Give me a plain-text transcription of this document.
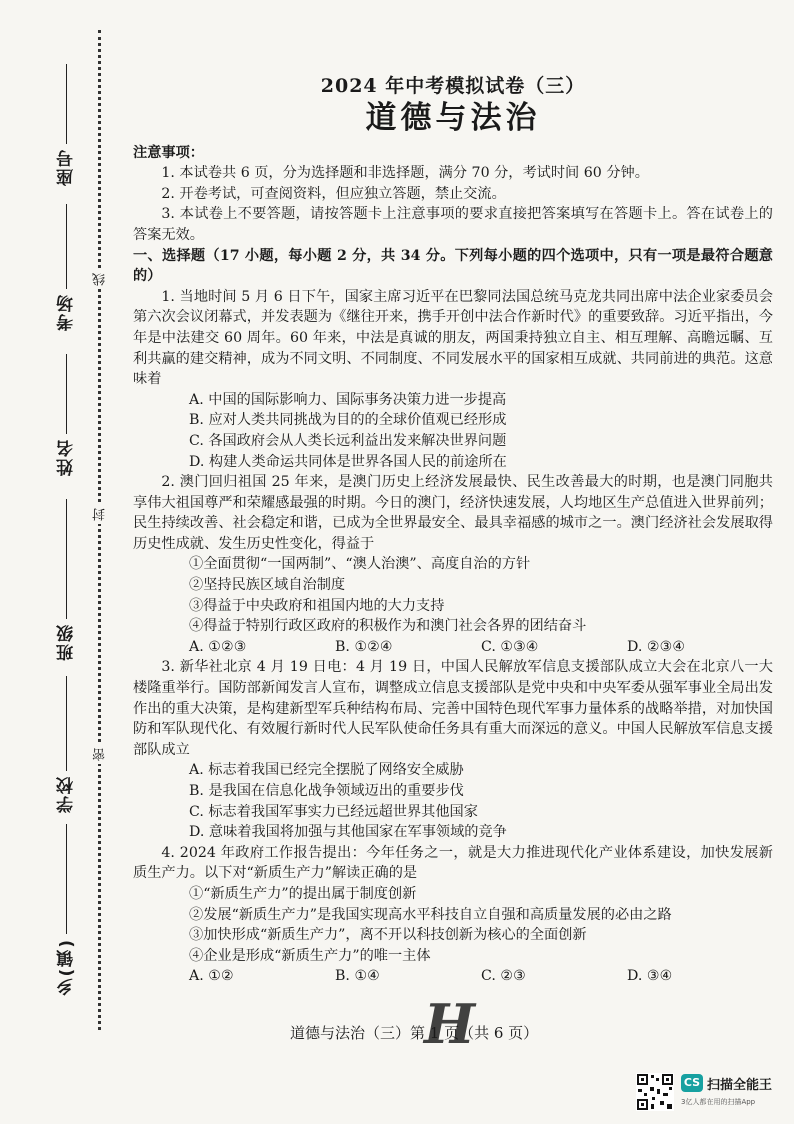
座号
考场
姓名
班级
学校
乡(镇)
线
封
密
2024 年中考模拟试卷（三）
道德与法治

注意事项：

1. 本试卷共 6 页，分为选择题和非选择题，满分 70 分，考试时间 60 分钟。

2. 开卷考试，可查阅资料，但应独立答题，禁止交流。

3. 本试卷上不要答题，请按答题卡上注意事项的要求直接把答案填写在答题卡上。答在试卷上的答案无效。

一、选择题（17 小题，每小题 2 分，共 34 分。下列每小题的四个选项中，只有一项是最符合题意的）

1. 当地时间 5 月 6 日下午，国家主席习近平在巴黎同法国总统马克龙共同出席中法企业家委员会第六次会议闭幕式，并发表题为《继往开来，携手开创中法合作新时代》的重要致辞。习近平指出，今年是中法建交 60 周年。60 年来，中法是真诚的朋友，两国秉持独立自主、相互理解、高瞻远瞩、互利共赢的建交精神，成为不同文明、不同制度、不同发展水平的国家相互成就、共同前进的典范。这意味着

A. 中国的国际影响力、国际事务决策力进一步提高

B. 应对人类共同挑战为目的的全球价值观已经形成

C. 各国政府会从人类长远利益出发来解决世界问题

D. 构建人类命运共同体是世界各国人民的前途所在

2. 澳门回归祖国 25 年来，是澳门历史上经济发展最快、民生改善最大的时期，也是澳门同胞共享伟大祖国尊严和荣耀感最强的时期。今日的澳门，经济快速发展，人均地区生产总值进入世界前列；民生持续改善、社会稳定和谐，已成为全世界最安全、最具幸福感的城市之一。澳门经济社会发展取得历史性成就、发生历史性变化，得益于

①全面贯彻“一国两制”、“澳人治澳”、高度自治的方针

②坚持民族区域自治制度

③得益于中央政府和祖国内地的大力支持

④得益于特别行政区政府的积极作为和澳门社会各界的团结奋斗

A. ①②③	B. ①②④	C. ①③④	D. ②③④

3. 新华社北京 4 月 19 日电：4 月 19 日，中国人民解放军信息支援部队成立大会在北京八一大楼隆重举行。国防部新闻发言人宣布，调整成立信息支援部队是党中央和中央军委从强军事业全局出发作出的重大决策，是构建新型军兵种结构布局、完善中国特色现代军事力量体系的战略举措，对加快国防和军队现代化、有效履行新时代人民军队使命任务具有重大而深远的意义。中国人民解放军信息支援部队成立

A. 标志着我国已经完全摆脱了网络安全威胁

B. 是我国在信息化战争领域迈出的重要步伐

C. 标志着我国军事实力已经远超世界其他国家

D. 意味着我国将加强与其他国家在军事领域的竞争

4. 2024 年政府工作报告提出：今年任务之一，就是大力推进现代化产业体系建设，加快发展新质生产力。以下对“新质生产力”解读正确的是

①“新质生产力”的提出属于制度创新

②发展“新质生产力”是我国实现高水平科技自立自强和高质量发展的必由之路

③加快形成“新质生产力”，离不开以科技创新为核心的全面创新

④企业是形成“新质生产力”的唯一主体

A. ①②	B. ①④	C. ②③	D. ③④
H
道德与法治（三）第 1 页（共 6 页）
CS 扫描全能王
3亿人都在用的扫描App
